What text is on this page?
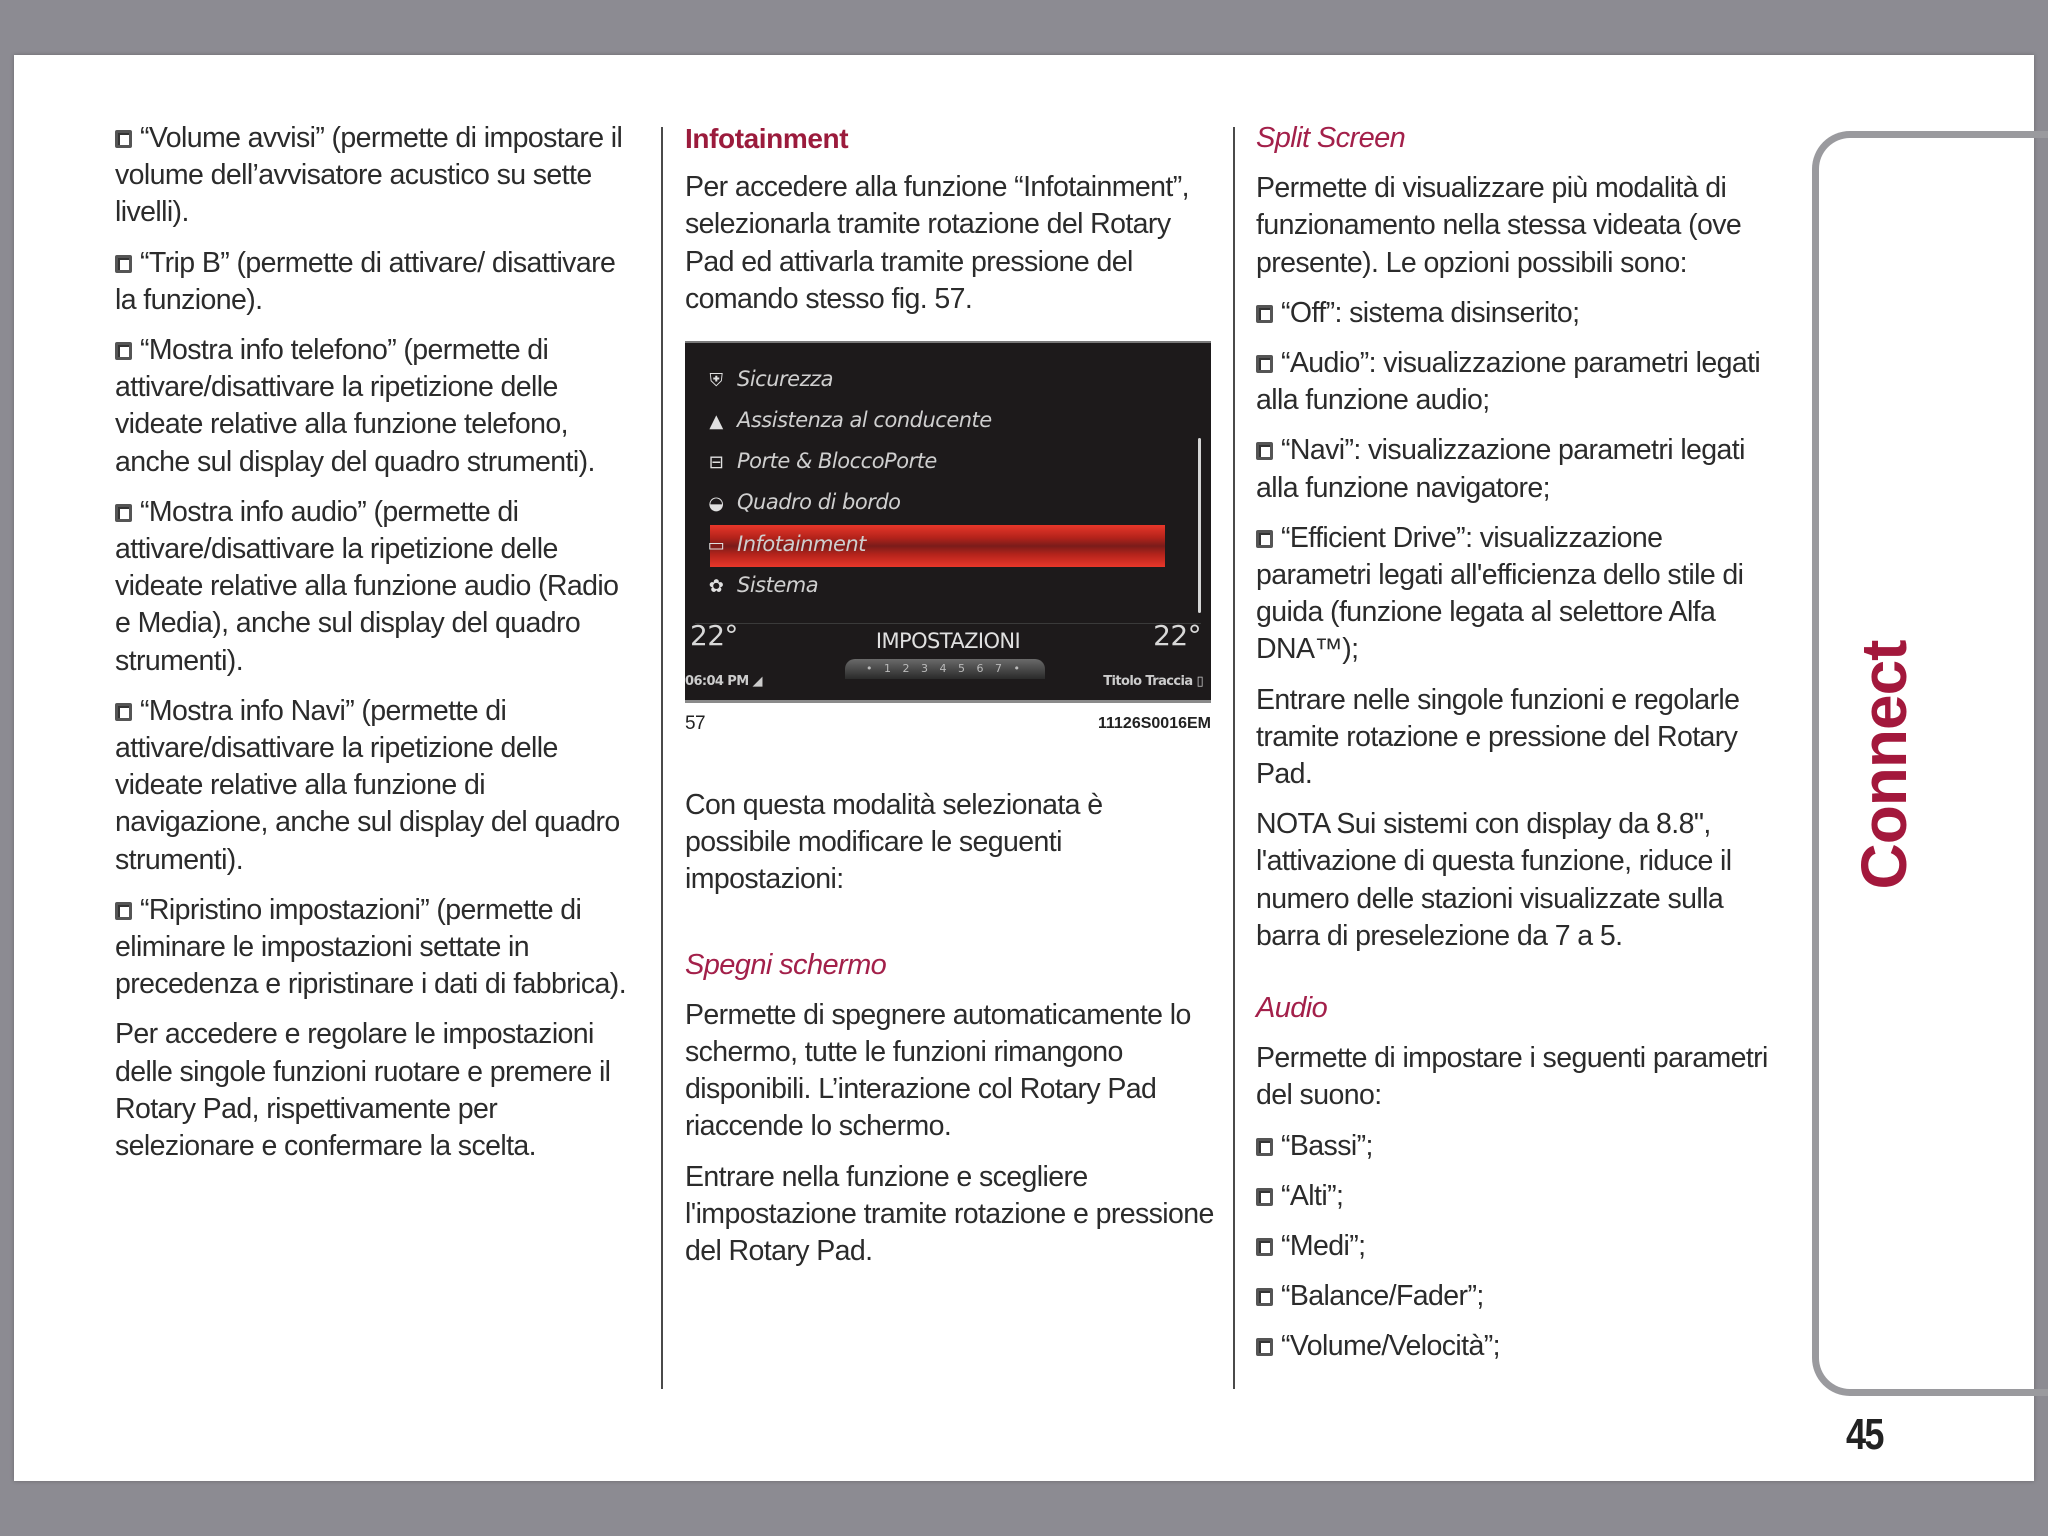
“Volume avvisi” (permette di impostare il volume dell’avvisatore acustico su sette livelli).

“Trip B” (permette di attivare/ disattivare la funzione).

“Mostra info telefono” (permette di attivare/disattivare la ripetizione delle videate relative alla funzione telefono, anche sul display del quadro strumenti).

“Mostra info audio” (permette di attivare/disattivare la ripetizione delle videate relative alla funzione audio (Radio e Media), anche sul display del quadro strumenti).

“Mostra info Navi” (permette di attivare/disattivare la ripetizione delle videate relative alla funzione di navigazione, anche sul display del quadro strumenti).

“Ripristino impostazioni” (permette di eliminare le impostazioni settate in precedenza e ripristinare i dati di fabbrica).

Per accedere e regolare le impostazioni delle singole funzioni ruotare e premere il Rotary Pad, rispettivamente per selezionare e confermare la scelta.

Infotainment

Per accedere alla funzione “Infotainment”, selezionarla tramite rotazione del Rotary Pad ed attivarla tramite pressione del comando stesso fig. 57.

⛨ Sicurezza
▲ Assistenza al conducente
⊟ Porte & BloccoPorte
◒ Quadro di bordo
▭ Infotainment
✿ Sistema
22°	IMPOSTAZIONI	22°
06:04 PM ◢
• 1 2 3 4 5 6 7 •
Titolo Traccia ▯
57	11126S0016EM

Con questa modalità selezionata è possibile modificare le seguenti impostazioni:

Spegni schermo

Permette di spegnere automaticamente lo schermo, tutte le funzioni rimangono disponibili. L’interazione col Rotary Pad riaccende lo schermo.

Entrare nella funzione e scegliere l'impostazione tramite rotazione e pressione del Rotary Pad.

Split Screen

Permette di visualizzare più modalità di funzionamento nella stessa videata (ove presente). Le opzioni possibili sono:

“Off”: sistema disinserito;

“Audio”: visualizzazione parametri legati alla funzione audio;

“Navi”: visualizzazione parametri legati alla funzione navigatore;

“Efficient Drive”: visualizzazione parametri legati all'efficienza dello stile di guida (funzione legata al selettore Alfa DNA™);

Entrare nelle singole funzioni e regolarle tramite rotazione e pressione del Rotary Pad.

NOTA Sui sistemi con display da 8.8", l'attivazione di questa funzione, riduce il numero delle stazioni visualizzate sulla barra di preselezione da 7 a 5.

Audio

Permette di impostare i seguenti parametri del suono:

“Bassi”;

“Alti”;

“Medi”;

“Balance/Fader”;

“Volume/Velocità”;

Connect
45
